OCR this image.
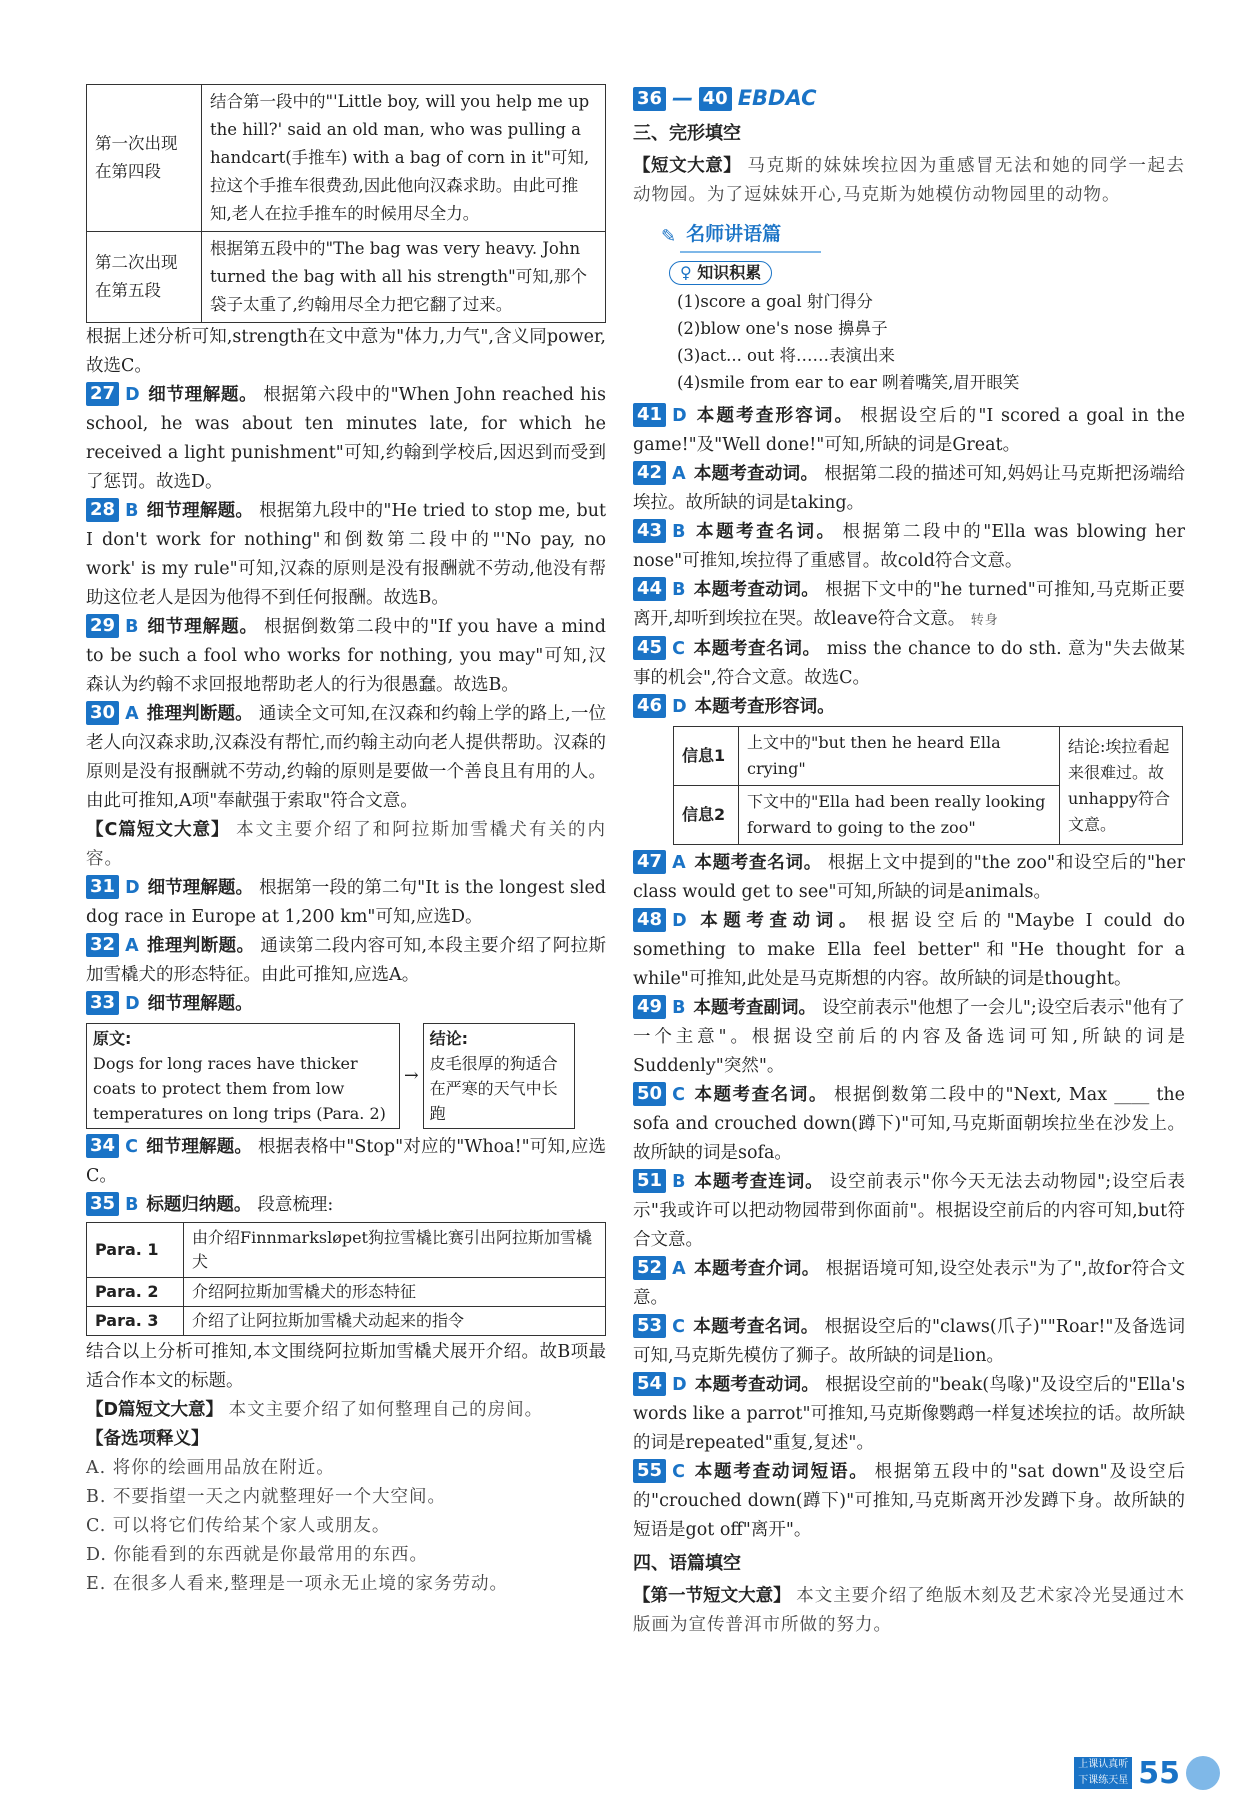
第一次出现在第四段	结合第一段中的"'Little boy, will you help me up the hill?' said an old man, who was pulling a handcart(手推车) with a bag of corn in it"可知,拉这个手推车很费劲,因此他向汉森求助。由此可推知,老人在拉手推车的时候用尽全力。
第二次出现在第五段	根据第五段中的"The bag was very heavy. John turned the bag with all his strength"可知,那个袋子太重了,约翰用尽全力把它翻了过来。

根据上述分析可知,strength在文中意为"体力,力气",含义同power,故选C。

27 D 细节理解题。 根据第六段中的"When John reached his school, he was about ten minutes late, for which he received a light punishment"可知,约翰到学校后,因迟到而受到了惩罚。故选D。

28 B 细节理解题。 根据第九段中的"He tried to stop me, but I don't work for nothing"和倒数第二段中的"'No pay, no work' is my rule"可知,汉森的原则是没有报酬就不劳动,他没有帮助这位老人是因为他得不到任何报酬。故选B。

29 B 细节理解题。 根据倒数第二段中的"If you have a mind to be such a fool who works for nothing, you may"可知,汉森认为约翰不求回报地帮助老人的行为很愚蠢。故选B。

30 A 推理判断题。 通读全文可知,在汉森和约翰上学的路上,一位老人向汉森求助,汉森没有帮忙,而约翰主动向老人提供帮助。汉森的原则是没有报酬就不劳动,约翰的原则是要做一个善良且有用的人。由此可推知,A项"奉献强于索取"符合文意。

【C篇短文大意】 本文主要介绍了和阿拉斯加雪橇犬有关的内容。

31 D 细节理解题。 根据第一段的第二句"It is the longest sled dog race in Europe at 1,200 km"可知,应选D。

32 A 推理判断题。 通读第二段内容可知,本段主要介绍了阿拉斯加雪橇犬的形态特征。由此可推知,应选A。

33 D 细节理解题。

原文:
Dogs for long races have thicker coats to protect them from low temperatures on long trips (Para. 2)
→
结论:
皮毛很厚的狗适合在严寒的天气中长跑

34 C 细节理解题。 根据表格中"Stop"对应的"Whoa!"可知,应选C。

35 B 标题归纳题。 段意梳理:

Para. 1	由介绍Finnmarksløpet狗拉雪橇比赛引出阿拉斯加雪橇犬
Para. 2	介绍阿拉斯加雪橇犬的形态特征
Para. 3	介绍了让阿拉斯加雪橇犬动起来的指令

结合以上分析可推知,本文围绕阿拉斯加雪橇犬展开介绍。故B项最适合作本文的标题。

【D篇短文大意】 本文主要介绍了如何整理自己的房间。

【备选项释义】

A. 将你的绘画用品放在附近。

B. 不要指望一天之内就整理好一个大空间。

C. 可以将它们传给某个家人或朋友。

D. 你能看到的东西就是你最常用的东西。

E. 在很多人看来,整理是一项永无止境的家务劳动。

36 — 40 EBDAC
三、完形填空

【短文大意】 马克斯的妹妹埃拉因为重感冒无法和她的同学一起去动物园。为了逗妹妹开心,马克斯为她模仿动物园里的动物。

✎ 名师讲语篇
♀ 知识积累
(1)score a goal 射门得分
(2)blow one's nose 擤鼻子
(3)act... out 将……表演出来
(4)smile from ear to ear 咧着嘴笑,眉开眼笑

41 D 本题考查形容词。 根据设空后的"I scored a goal in the game!"及"Well done!"可知,所缺的词是Great。

42 A 本题考查动词。 根据第二段的描述可知,妈妈让马克斯把汤端给埃拉。故所缺的词是taking。

43 B 本题考查名词。 根据第二段中的"Ella was blowing her nose"可推知,埃拉得了重感冒。故cold符合文意。

44 B 本题考查动词。 根据下文中的"he turned"可推知,马克斯正要离开,却听到埃拉在哭。故leave符合文意。 转身

45 C 本题考查名词。 miss the chance to do sth. 意为"失去做某事的机会",符合文意。故选C。

46 D 本题考查形容词。

信息1	上文中的"but then he heard Ella crying"	结论:埃拉看起来很难过。故unhappy符合文意。
信息2	下文中的"Ella had been really looking forward to going to the zoo"	

47 A 本题考查名词。 根据上文中提到的"the zoo"和设空后的"her class would get to see"可知,所缺的词是animals。

48 D 本题考查动词。 根据设空后的"Maybe I could do something to make Ella feel better"和"He thought for a while"可推知,此处是马克斯想的内容。故所缺的词是thought。

49 B 本题考查副词。 设空前表示"他想了一会儿";设空后表示"他有了一个主意"。根据设空前后的内容及备选词可知,所缺的词是Suddenly"突然"。

50 C 本题考查名词。 根据倒数第二段中的"Next, Max ____ the sofa and crouched down(蹲下)"可知,马克斯面朝埃拉坐在沙发上。故所缺的词是sofa。

51 B 本题考查连词。 设空前表示"你今天无法去动物园";设空后表示"我或许可以把动物园带到你面前"。根据设空前后的内容可知,but符合文意。

52 A 本题考查介词。 根据语境可知,设空处表示"为了",故for符合文意。

53 C 本题考查名词。 根据设空后的"claws(爪子)""Roar!"及备选词可知,马克斯先模仿了狮子。故所缺的词是lion。

54 D 本题考查动词。 根据设空前的"beak(鸟喙)"及设空后的"Ella's words like a parrot"可推知,马克斯像鹦鹉一样复述埃拉的话。故所缺的词是repeated"重复,复述"。

55 C 本题考查动词短语。 根据第五段中的"sat down"及设空后的"crouched down(蹲下)"可推知,马克斯离开沙发蹲下身。故所缺的短语是got off"离开"。

四、语篇填空

【第一节短文大意】 本文主要介绍了绝版木刻及艺术家冷光旻通过木版画为宣传普洱市所做的努力。

上课认真听
下课练天星 55
